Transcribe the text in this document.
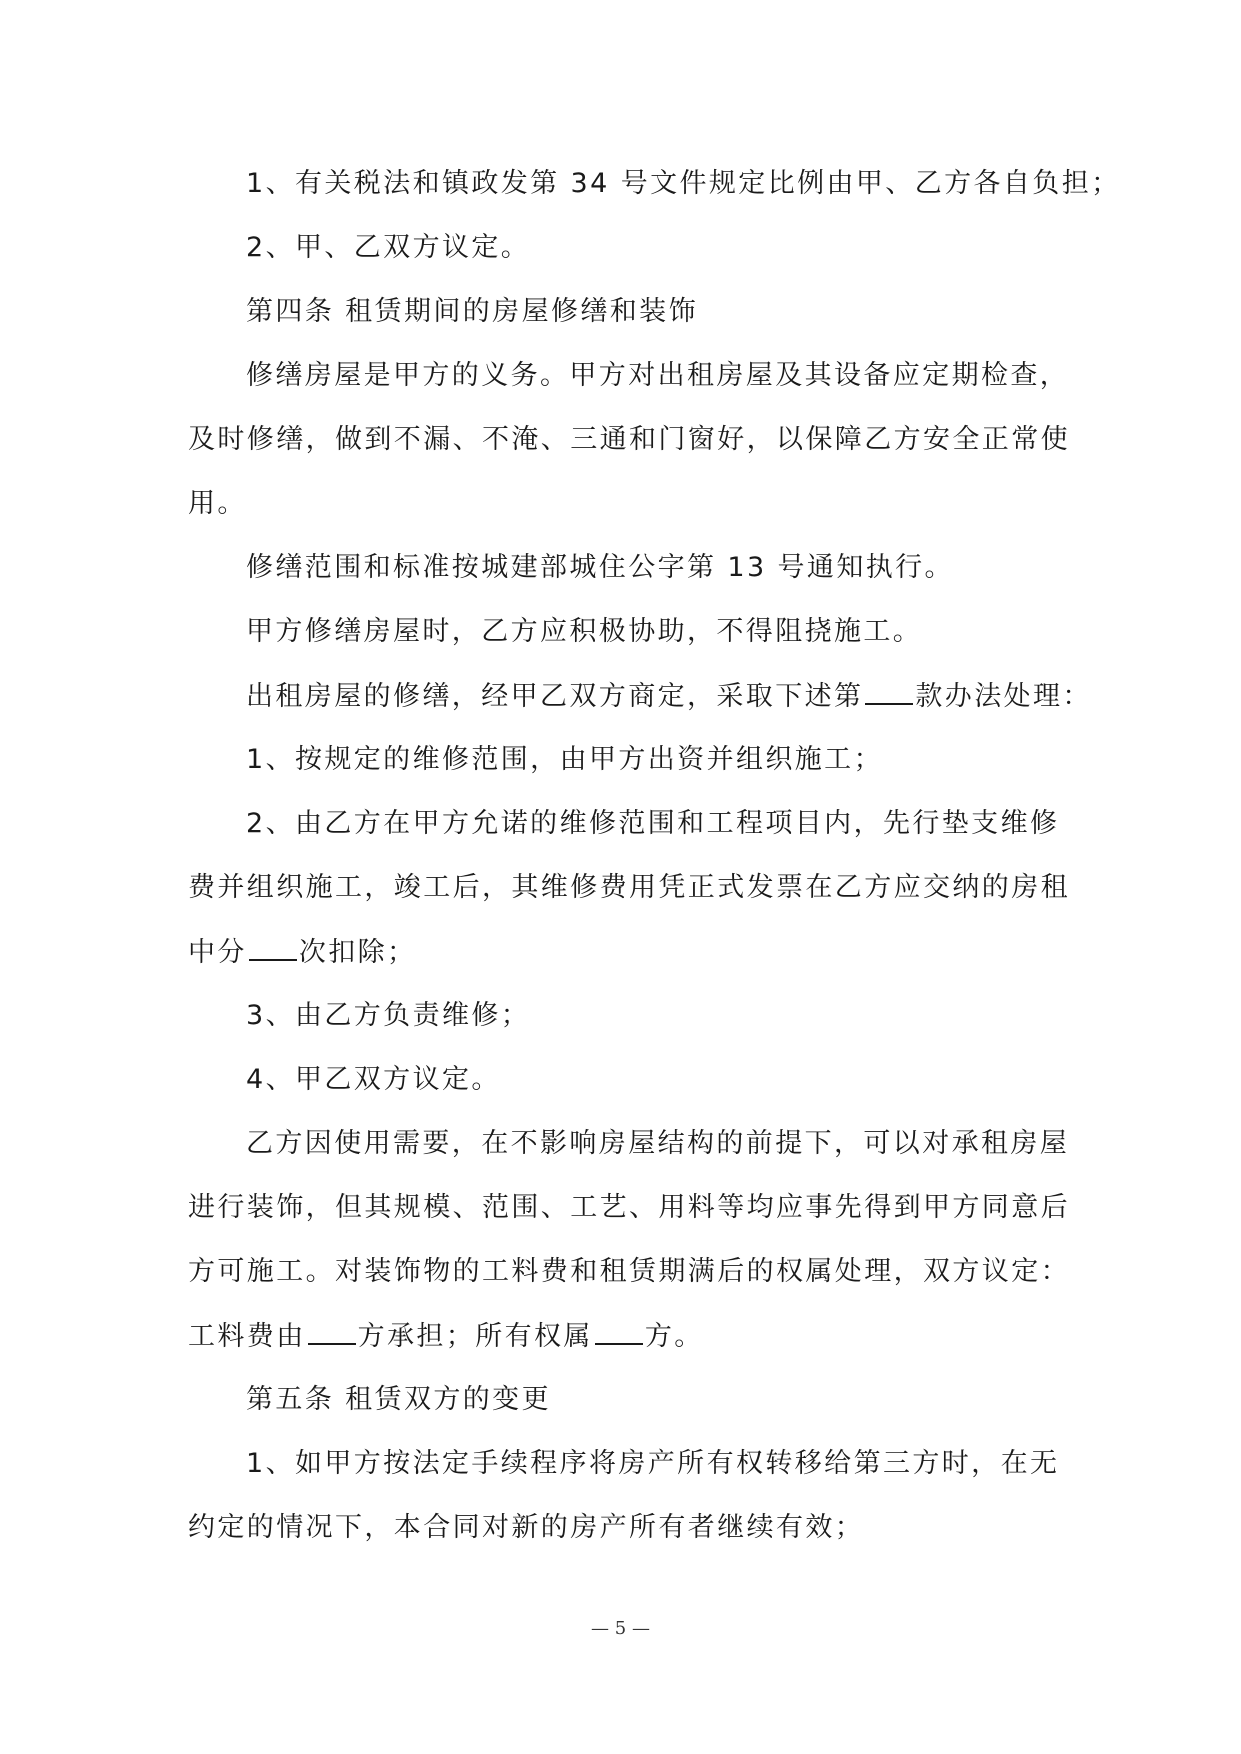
1、有关税法和镇政发第 34 号文件规定比例由甲、乙方各自负担；
2、甲、乙双方议定。
第四条 租赁期间的房屋修缮和装饰
修缮房屋是甲方的义务。甲方对出租房屋及其设备应定期检查，
及时修缮，做到不漏、不淹、三通和门窗好，以保障乙方安全正常使
用。
修缮范围和标准按城建部城住公字第 13 号通知执行。
甲方修缮房屋时，乙方应积极协助，不得阻挠施工。
出租房屋的修缮，经甲乙双方商定，采取下述第 款办法处理：
1、按规定的维修范围，由甲方出资并组织施工；
2、由乙方在甲方允诺的维修范围和工程项目内，先行垫支维修
费并组织施工，竣工后，其维修费用凭正式发票在乙方应交纳的房租
中分 次扣除；
3、由乙方负责维修；
4、甲乙双方议定。
乙方因使用需要，在不影响房屋结构的前提下，可以对承租房屋
进行装饰，但其规模、范围、工艺、用料等均应事先得到甲方同意后
方可施工。对装饰物的工料费和租赁期满后的权属处理，双方议定：
工料费由 方承担；所有权属 方。
第五条 租赁双方的变更
1、如甲方按法定手续程序将房产所有权转移给第三方时，在无
约定的情况下，本合同对新的房产所有者继续有效；
— 5 —
